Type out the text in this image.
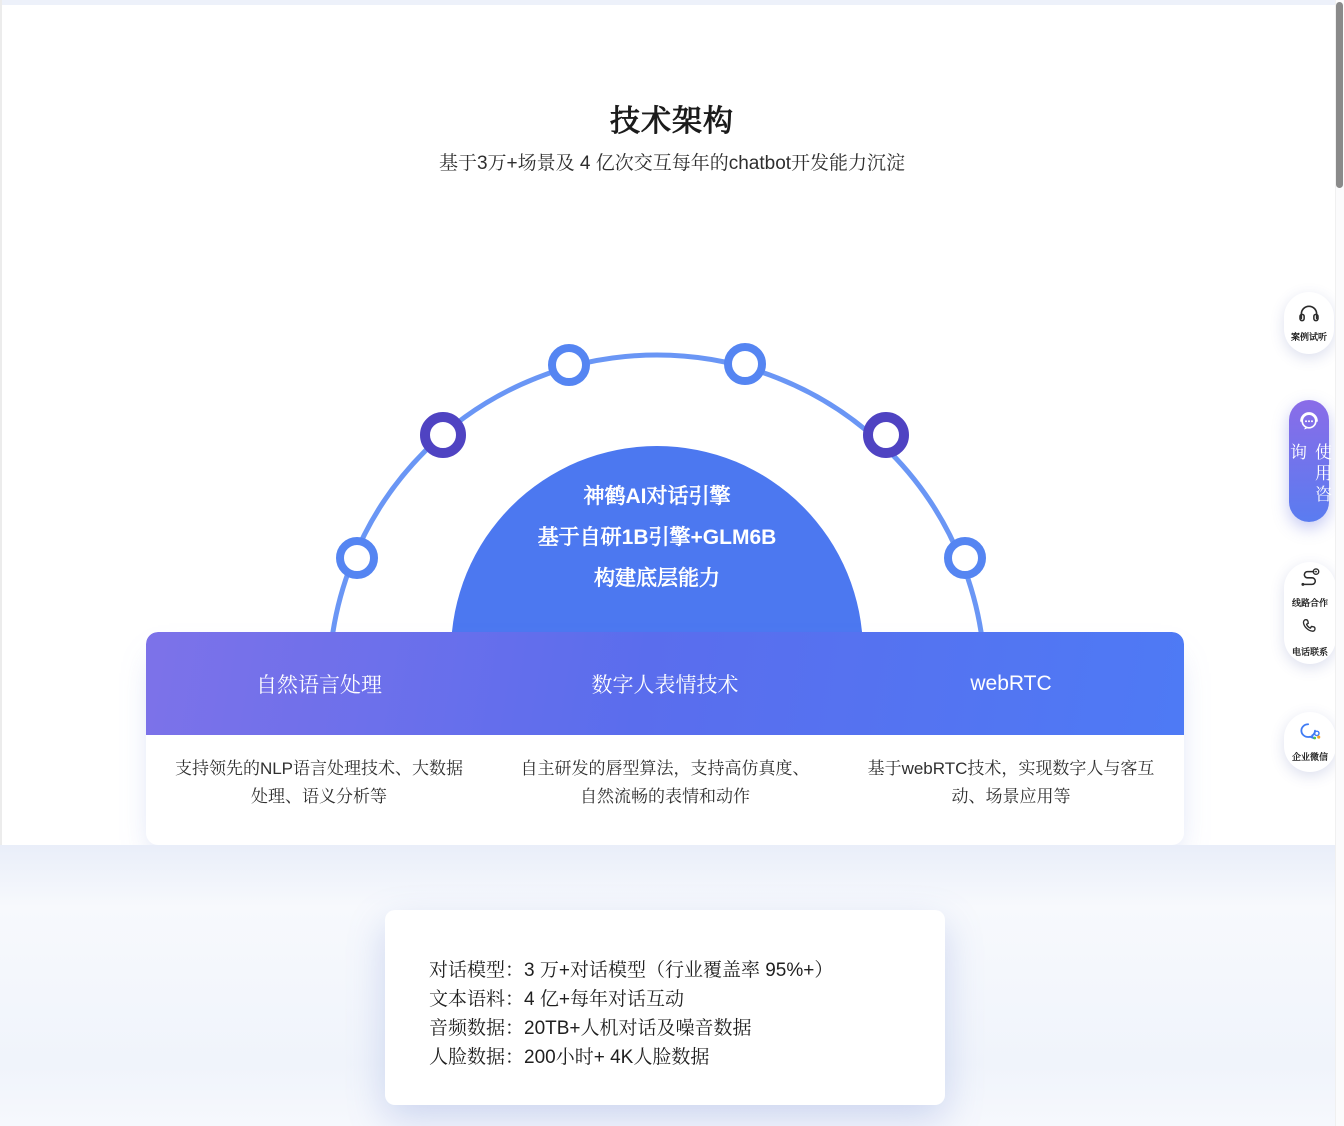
技术架构
基于3万+场景及 4 亿次交互每年的chatbot开发能力沉淀
神鹤AI对话引擎
基于自研1B引擎+GLM6B
构建底层能力
自然语言处理	数字人表情技术	webRTC
支持领先的NLP语言处理技术、大数据处理、语义分析等
自主研发的唇型算法，支持高仿真度、自然流畅的表情和动作
基于webRTC技术，实现数字人与客互动、场景应用等
对话模型：3 万+对话模型（行业覆盖率 95%+）
文本语料：4 亿+每年对话互动
音频数据：20TB+人机对话及噪音数据
人脸数据：200小时+ 4K人脸数据
案例试听
使用咨询
线路合作
电话联系
企业微信
